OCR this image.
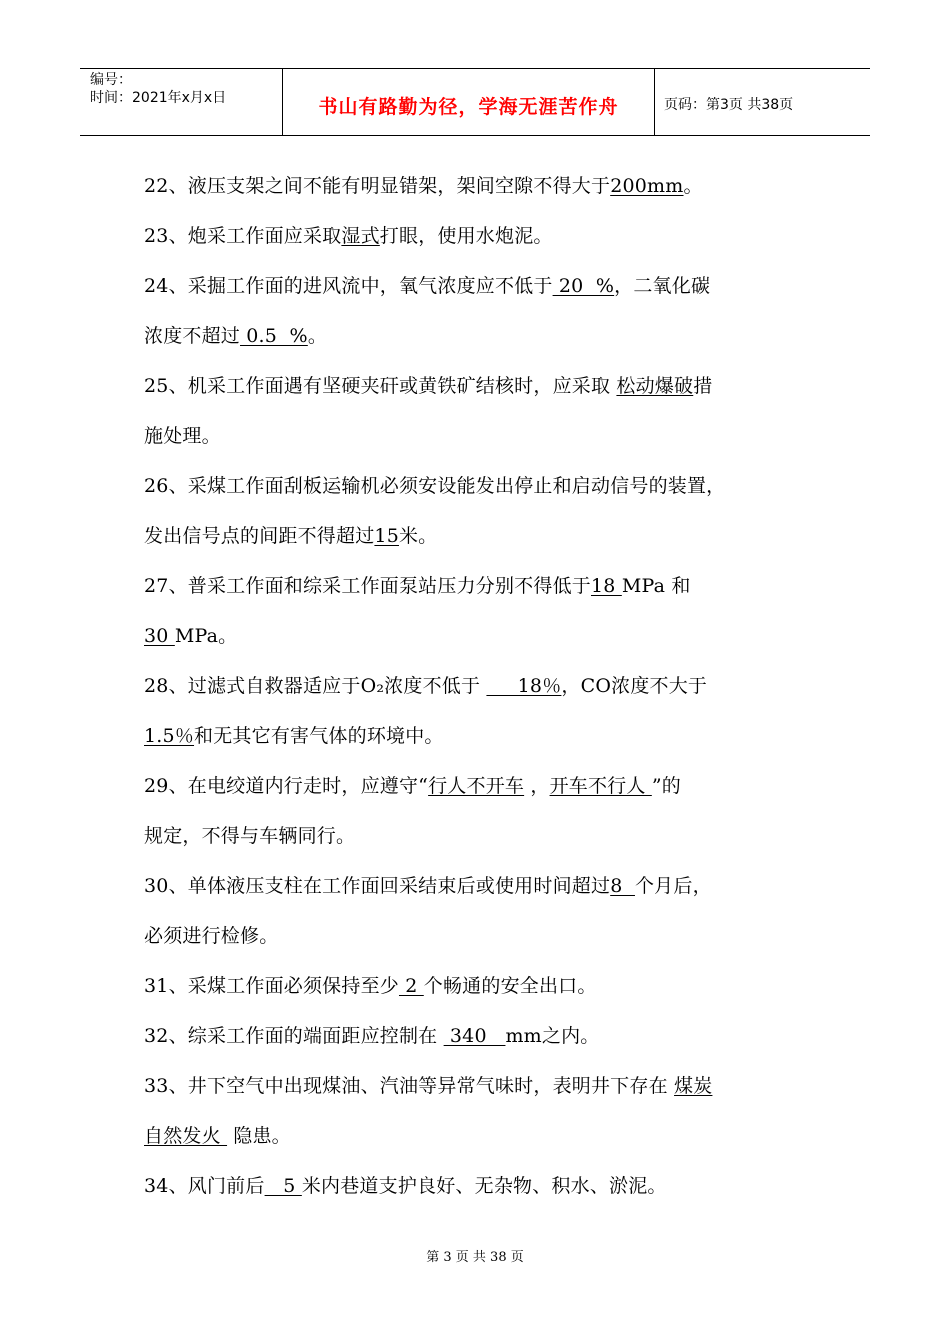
编号：
时间：2021年x月x日	书山有路勤为径，学海无涯苦作舟	页码：第3页 共38页
22、液压支架之间不能有明显错架，架间空隙不得大于200mm。
23、炮采工作面应采取湿式打眼，使用水炮泥。
24、采掘工作面的进风流中，氧气浓度应不低于 20  %，二氧化碳
浓度不超过 0.5  %。
25、机采工作面遇有坚硬夹矸或黄铁矿结核时，应采取 松动爆破措
施处理。
26、采煤工作面刮板运输机必须安设能发出停止和启动信号的装置，
发出信号点的间距不得超过15米。
27、普采工作面和综采工作面泵站压力分别不得低于18 MPa 和
30 MPa。
28、过滤式自救器适应于O₂浓度不低于      18％，CO浓度不大于
1.5％和无其它有害气体的环境中。
29、在电绞道内行走时，应遵守“行人不开车 ，开车不行人 ”的
规定，不得与车辆同行。
30、单体液压支柱在工作面回采结束后或使用时间超过8  个月后，
必须进行检修。
31、采煤工作面必须保持至少 2 个畅通的安全出口。
32、综采工作面的端面距应控制在  340   mm之内。
33、井下空气中出现煤油、汽油等异常气味时，表明井下存在 煤炭
自然发火  隐患。
34、风门前后   5 米内巷道支护良好、无杂物、积水、淤泥。
第 3 页 共 38 页
